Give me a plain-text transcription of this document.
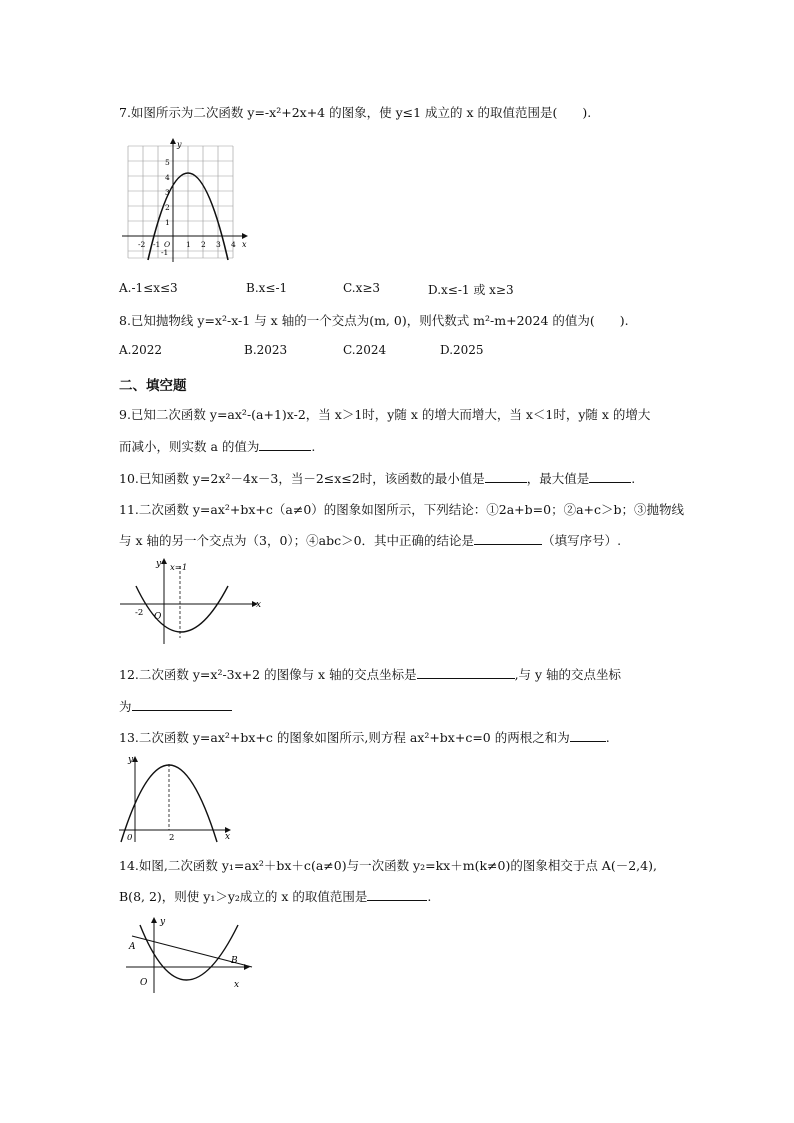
7.如图所示为二次函数 y=-x²+2x+4 的图象，使 y≤1 成立的 x 的取值范围是(　　).
y
x
5
4
3
2
1
-1
-2 -1 O 1 2 3 4
A.-1≤x≤3	B.x≤-1	C.x≥3	D.x≤-1 或 x≥3
8.已知抛物线 y=x²-x-1 与 x 轴的一个交点为(m, 0)，则代数式 m²-m+2024 的值为(　　).
A.2022	B.2023	C.2024	D.2025
二、填空题
9.已知二次函数 y=ax²-(a+1)x-2，当 x＞1时，y随 x 的增大而增大，当 x＜1时，y随 x 的增大
而减小，则实数 a 的值为	.
10.已知函数 y=2x²－4x－3，当－2≤x≤2时，该函数的最小值是	，最大值是	.
11.二次函数 y=ax²+bx+c（a≠0）的图象如图所示，下列结论：①2a+b=0；②a+c＞b；③抛物线
与 x 轴的另一个交点为（3，0）；④abc＞0．其中正确的结论是	（填写序号）.
y
x
x=1
-2 O
12.二次函数 y=x²-3x+2 的图像与 x 轴的交点坐标是	,与 y 轴的交点坐标
为
13.二次函数 y=ax²+bx+c 的图象如图所示,则方程 ax²+bx+c=0 的两根之和为	.
y
x
0	2
14.如图,二次函数 y₁=ax²＋bx＋c(a≠0)与一次函数 y₂=kx＋m(k≠0)的图象相交于点 A(－2,4),
B(8, 2)，则使 y₁＞y₂成立的 x 的取值范围是	.
y
x
O
A
B
